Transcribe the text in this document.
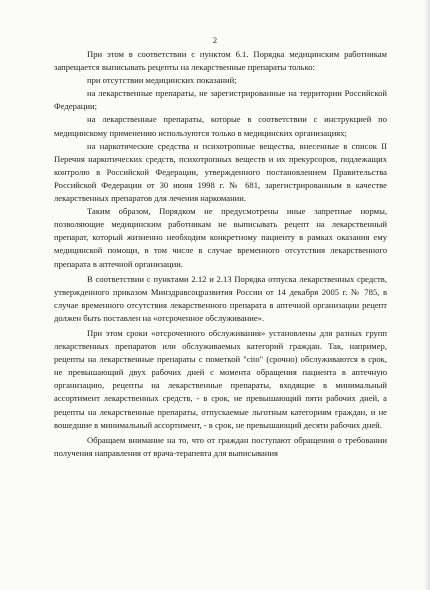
2

При этом в соответствии с пунктом 6.1. Порядка медицинским работникам запрещается выписывать рецепты на лекарственные препараты только:

при отсутствии медицинских показаний;

на лекарственные препараты, не зарегистрированные на территории Российской Федерации;

на лекарственные препараты, которые в соответствии с инструкцией по медицинскому применению используются только в медицинских организациях;

на наркотические средства и психотропные вещества, внесенные в список II Перечня наркотических средств, психотропных веществ и их прекурсоров, подлежащих контролю в Российской Федерации, утвержденного постановлением Правительства Российской Федерации от 30 июня 1998 г. № 681, зарегистрированным в качестве лекарственных препаратов для лечения наркомании.

Таким образом, Порядком не предусмотрены иные запретные нормы, позволяющие медицинским работникам не выписывать рецепт на лекарственный препарат, который жизненно необходим конкретному пациенту в рамках оказания ему медицинской помощи, в том числе в случае временного отсутствия лекарственного препарата в аптечной организации.

В соответствии с пунктами 2.12 и 2.13 Порядка отпуска лекарственных средств, утвержденного приказом Минздравсоцразвития России от 14 декабря 2005 г. № 785, в случае временного отсутствия лекарственного препарата в аптечной организации рецепт должен быть поставлен на «отсроченное обслуживание».

При этом сроки «отсроченного обслуживания» установлены для разных групп лекарственных препаратов или обслуживаемых категорий граждан. Так, например, рецепты на лекарственные препараты с пометкой "cito" (срочно) обслуживаются в срок, не превышающий двух рабочих дней с момента обращения пациента в аптечную организацию, рецепты на лекарственные препараты, входящие в минимальный ассортимент лекарственных средств, - в срок, не превышающий пяти рабочих дней, а рецепты на лекарственные препараты, отпускаемые льготным категориям граждан, и не вошедшие в минимальный ассортимент, - в срок, не превышающий десяти рабочих дней.

Обращаем внимание на то, что от граждан поступают обращения о требовании получения направления от врача-терапевта для выписывания
